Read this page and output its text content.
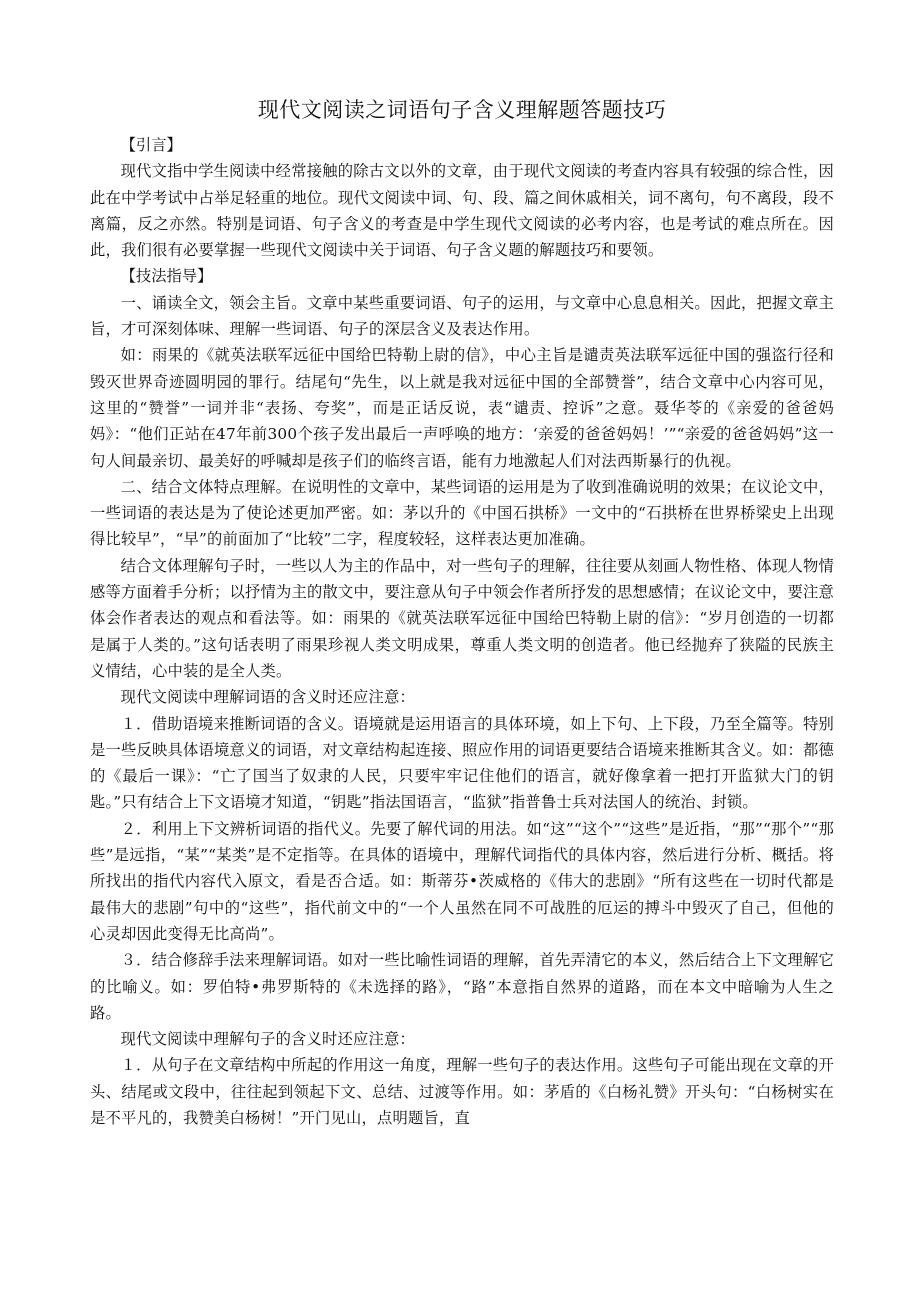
现代文阅读之词语句子含义理解题答题技巧

【引言】

现代文指中学生阅读中经常接触的除古文以外的文章，由于现代文阅读的考查内容具有较强的综合性，因此在中学考试中占举足轻重的地位。现代文阅读中词、句、段、篇之间休戚相关，词不离句，句不离段，段不离篇，反之亦然。特别是词语、句子含义的考查是中学生现代文阅读的必考内容，也是考试的难点所在。因此，我们很有必要掌握一些现代文阅读中关于词语、句子含义题的解题技巧和要领。

【技法指导】

一、诵读全文，领会主旨。文章中某些重要词语、句子的运用，与文章中心息息相关。因此，把握文章主旨，才可深刻体味、理解一些词语、句子的深层含义及表达作用。

如：雨果的《就英法联军远征中国给巴特勒上尉的信》，中心主旨是谴责英法联军远征中国的强盗行径和毁灭世界奇迹圆明园的罪行。结尾句“先生，以上就是我对远征中国的全部赞誉”，结合文章中心内容可见，这里的“赞誉”一词并非“表扬、夸奖”，而是正话反说，表“谴责、控诉”之意。聂华苓的《亲爱的爸爸妈妈》：“他们正站在47年前300个孩子发出最后一声呼唤的地方：‘亲爱的爸爸妈妈！’”“亲爱的爸爸妈妈”这一句人间最亲切、最美好的呼喊却是孩子们的临终言语，能有力地激起人们对法西斯暴行的仇视。

二、结合文体特点理解。在说明性的文章中，某些词语的运用是为了收到准确说明的效果；在议论文中，一些词语的表达是为了使论述更加严密。如：茅以升的《中国石拱桥》一文中的“石拱桥在世界桥梁史上出现得比较早”，“早”的前面加了“比较”二字，程度较轻，这样表达更加准确。

结合文体理解句子时，一些以人为主的作品中，对一些句子的理解，往往要从刻画人物性格、体现人物情感等方面着手分析；以抒情为主的散文中，要注意从句子中领会作者所抒发的思想感情；在议论文中，要注意体会作者表达的观点和看法等。如：雨果的《就英法联军远征中国给巴特勒上尉的信》：“岁月创造的一切都是属于人类的。”这句话表明了雨果珍视人类文明成果，尊重人类文明的创造者。他已经抛弃了狭隘的民族主义情结，心中装的是全人类。

现代文阅读中理解词语的含义时还应注意：

１．借助语境来推断词语的含义。语境就是运用语言的具体环境，如上下句、上下段，乃至全篇等。特别是一些反映具体语境意义的词语，对文章结构起连接、照应作用的词语更要结合语境来推断其含义。如：都德的《最后一课》：“亡了国当了奴隶的人民，只要牢牢记住他们的语言，就好像拿着一把打开监狱大门的钥匙。”只有结合上下文语境才知道，“钥匙”指法国语言，“监狱”指普鲁士兵对法国人的统治、封锁。

２．利用上下文辨析词语的指代义。先要了解代词的用法。如“这”“这个”“这些”是近指，“那”“那个”“那些”是远指，“某”“某类”是不定指等。在具体的语境中，理解代词指代的具体内容，然后进行分析、概括。将所找出的指代内容代入原文，看是否合适。如：斯蒂芬•茨威格的《伟大的悲剧》“所有这些在一切时代都是最伟大的悲剧”句中的“这些”，指代前文中的“一个人虽然在同不可战胜的厄运的搏斗中毁灭了自己，但他的心灵却因此变得无比高尚”。

３．结合修辞手法来理解词语。如对一些比喻性词语的理解，首先弄清它的本义，然后结合上下文理解它的比喻义。如：罗伯特•弗罗斯特的《未选择的路》，“路”本意指自然界的道路，而在本文中暗喻为人生之路。

现代文阅读中理解句子的含义时还应注意：

１．从句子在文章结构中所起的作用这一角度，理解一些句子的表达作用。这些句子可能出现在文章的开头、结尾或文段中，往往起到领起下文、总结、过渡等作用。如：茅盾的《白杨礼赞》开头句：“白杨树实在是不平凡的，我赞美白杨树！”开门见山，点明题旨，直
